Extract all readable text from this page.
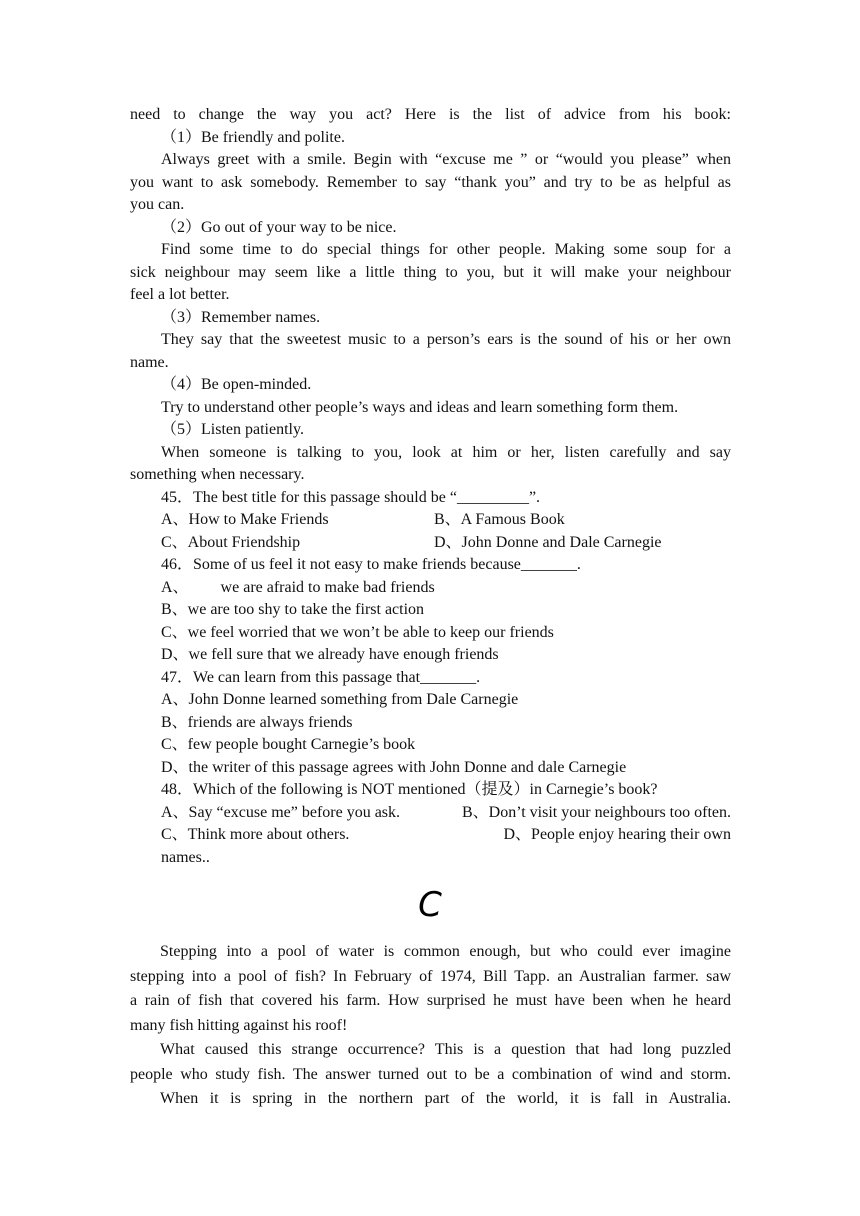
need to change the way you act? Here is the list of advice from his book:
（1）Be friendly and polite.
Always greet with a smile. Begin with “excuse me ” or “would you please” when
you want to ask somebody. Remember to say “thank you” and try to be as helpful as
you can.
（2）Go out of your way to be nice.
Find some time to do special things for other people. Making some soup for a
sick neighbour may seem like a little thing to you, but it will make your neighbour
feel a lot better.
（3）Remember names.
They say that the sweetest music to a person’s ears is the sound of his or her own
name.
（4）Be open-minded.
Try to understand other people’s ways and ideas and learn something form them.
（5）Listen patiently.
When someone is talking to you, look at him or her, listen carefully and say
something when necessary.
45．The best title for this passage should be “_________”.
A、How to Make Friends	B、A Famous Book
C、About Friendship	D、John Donne and Dale Carnegie
46．Some of us feel it not easy to make friends because_______.
A、        we are afraid to make bad friends
B、we are too shy to take the first action
C、we feel worried that we won’t be able to keep our friends
D、we fell sure that we already have enough friends
47．We can learn from this passage that_______.
A、John Donne learned something from Dale Carnegie
B、friends are always friends
C、few people bought Carnegie’s book
D、the writer of this passage agrees with John Donne and dale Carnegie
48．Which of the following is NOT mentioned（提及）in Carnegie’s book?
A、Say “excuse me” before you ask.	B、Don’t visit your neighbours too often.
C、Think more about others.	D、People enjoy hearing their own
names..
C
Stepping into a pool of water is common enough, but who could ever imagine
stepping into a pool of fish? In February of 1974, Bill Tapp. an Australian farmer. saw
a rain of fish that covered his farm. How surprised he must have been when he heard
many fish hitting against his roof!
What caused this strange occurrence? This is a question that had long puzzled
people who study fish. The answer turned out to be a combination of wind and storm.
When it is spring in the northern part of the world, it is fall in Australia.
